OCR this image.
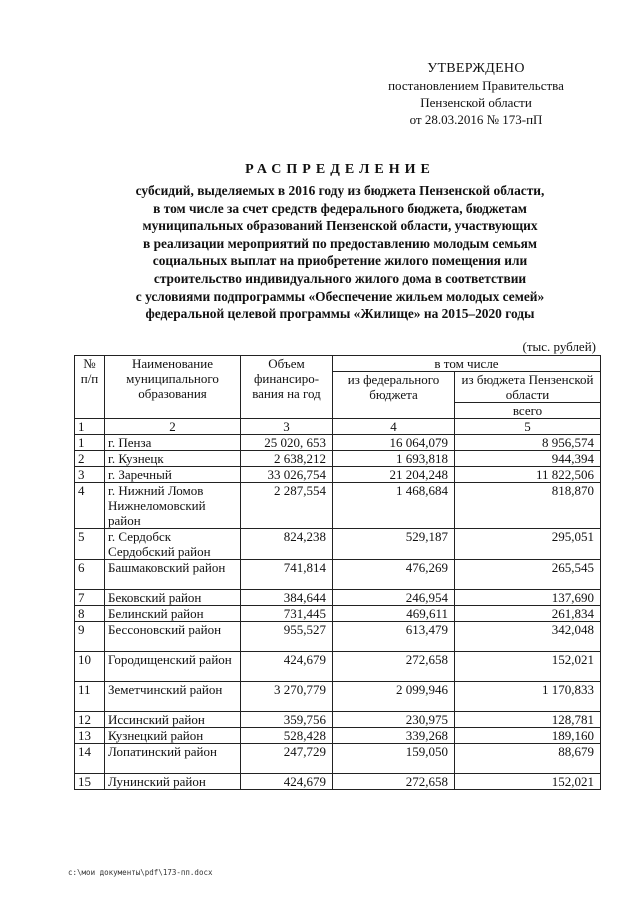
УТВЕРЖДЕНО
постановлением Правительства
Пензенской области
от 28.03.2016 № 173-пП
РАСПРЕДЕЛЕНИЕ
субсидий, выделяемых в 2016 году из бюджета Пензенской области,
в том числе за счет средств федерального бюджета, бюджетам
муниципальных образований Пензенской области, участвующих
в реализации мероприятий по предоставлению молодым семьям
социальных выплат на приобретение жилого помещения или
строительство индивидуального жилого дома в соответствии
с условиями подпрограммы «Обеспечение жильем молодых семей»
федеральной целевой программы «Жилище» на 2015–2020 годы
(тыс. рублей)
№ п/п	Наименование муниципального образования	Объем финансиро-вания на год	в том числе	
			из федерального бюджета	из бюджета Пензенской области
				всего
1	2	3	4	5
1	г. Пенза	25 020, 653	16 064,079	8 956,574
2	г. Кузнецк	2 638,212	1 693,818	944,394
3	г. Заречный	33 026,754	21 204,248	11 822,506
4	г. Нижний Ломов Нижнеломовский район	2 287,554	1 468,684	818,870
5	г. Сердобск Сердобский район	824,238	529,187	295,051
6	Башмаковский район	741,814	476,269	265,545
7	Бековский район	384,644	246,954	137,690
8	Белинский район	731,445	469,611	261,834
9	Бессоновский район	955,527	613,479	342,048
10	Городищенский район	424,679	272,658	152,021
11	Земетчинский район	3 270,779	2 099,946	1 170,833
12	Иссинский район	359,756	230,975	128,781
13	Кузнецкий район	528,428	339,268	189,160
14	Лопатинский район	247,729	159,050	88,679
15	Лунинский район	424,679	272,658	152,021
c:\мои документы\pdf\173-пп.docx
